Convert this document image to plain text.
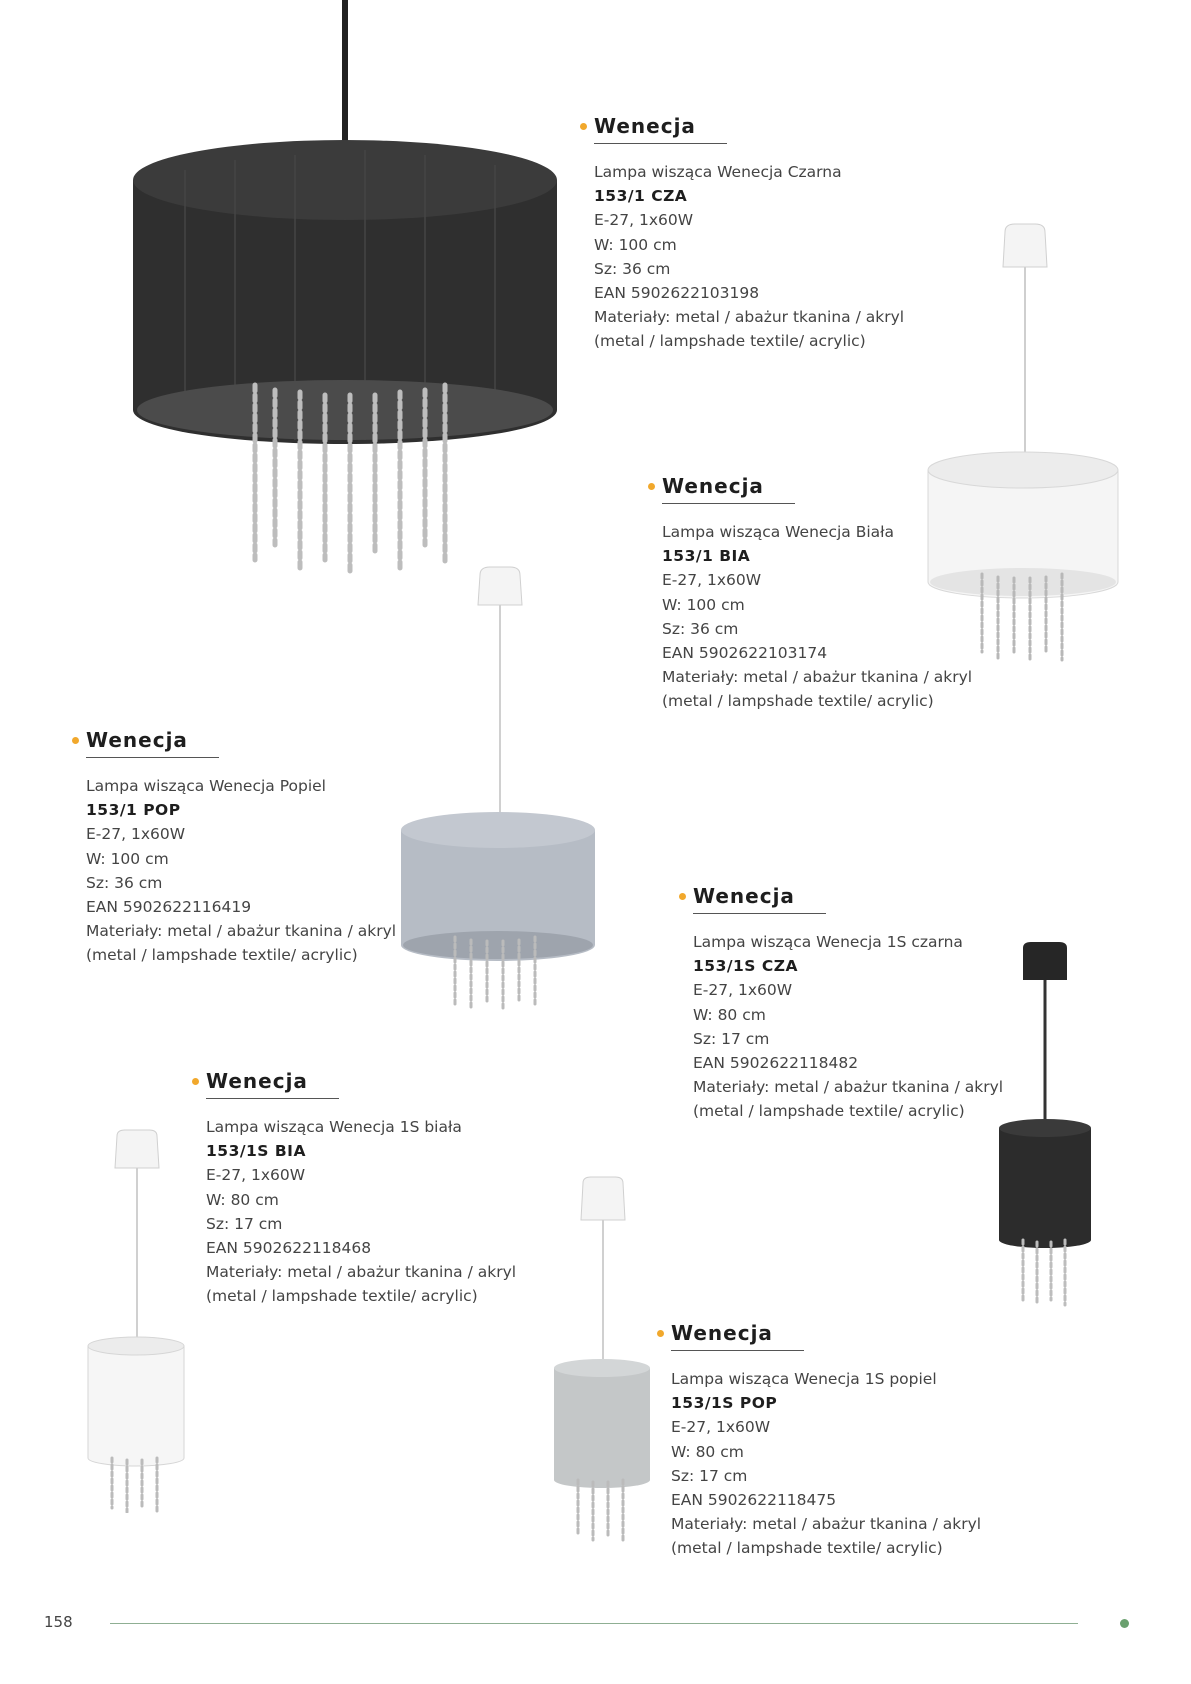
Wenecja
Lampa wisząca Wenecja Czarna
153/1 CZA
E-27, 1x60W
W: 100 cm
Sz: 36 cm
EAN 5902622103198
Materiały: metal / abażur tkanina / akryl
(metal / lampshade textile/ acrylic)
Wenecja
Lampa wisząca Wenecja Biała
153/1 BIA
E-27, 1x60W
W: 100 cm
Sz: 36 cm
EAN 5902622103174
Materiały: metal / abażur tkanina / akryl
(metal / lampshade textile/ acrylic)
Wenecja
Lampa wisząca Wenecja Popiel
153/1 POP
E-27, 1x60W
W: 100 cm
Sz: 36 cm
EAN 5902622116419
Materiały: metal / abażur tkanina / akryl
(metal / lampshade textile/ acrylic)
Wenecja
Lampa wisząca Wenecja 1S czarna
153/1S CZA
E-27, 1x60W
W: 80 cm
Sz: 17 cm
EAN 5902622118482
Materiały: metal / abażur tkanina / akryl
(metal / lampshade textile/ acrylic)
Wenecja
Lampa wisząca Wenecja 1S biała
153/1S BIA
E-27, 1x60W
W: 80 cm
Sz: 17 cm
EAN 5902622118468
Materiały: metal / abażur tkanina / akryl
(metal / lampshade textile/ acrylic)
Wenecja
Lampa wisząca Wenecja 1S popiel
153/1S POP
E-27, 1x60W
W: 80 cm
Sz: 17 cm
EAN 5902622118475
Materiały: metal / abażur tkanina / akryl
(metal / lampshade textile/ acrylic)
158
